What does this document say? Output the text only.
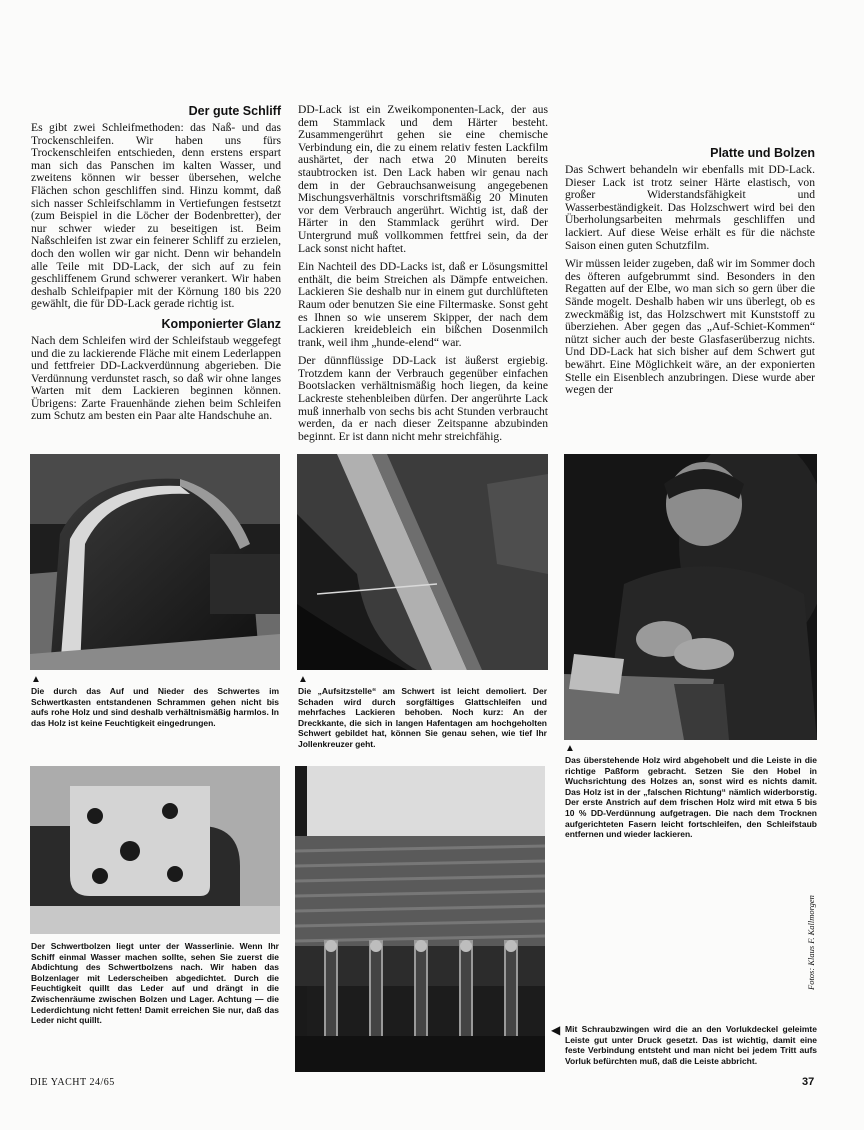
Der gute Schliff

Es gibt zwei Schleifmethoden: das Naß- und das Trockenschleifen. Wir haben uns fürs Trockenschleifen entschieden, denn erstens erspart man sich das Panschen im kalten Wasser, und zweitens können wir besser übersehen, welche Flächen schon geschliffen sind. Hinzu kommt, daß sich nasser Schleifschlamm in Vertiefungen festsetzt (zum Beispiel in die Löcher der Bodenbretter), der nur schwer wieder zu beseitigen ist. Beim Naßschleifen ist zwar ein feinerer Schliff zu erzielen, doch den wollen wir gar nicht. Denn wir behandeln alle Teile mit DD-Lack, der sich auf zu fein geschliffenem Grund schwerer verankert. Wir haben deshalb Schleifpapier mit der Körnung 180 bis 220 gewählt, die für DD-Lack gerade richtig ist.

Komponierter Glanz

Nach dem Schleifen wird der Schleifstaub weggefegt und die zu lackierende Fläche mit einem Lederlappen und fettfreier DD-Lackverdünnung abgerieben. Die Verdünnung verdunstet rasch, so daß wir ohne langes Warten mit dem Lackieren beginnen können. Übrigens: Zarte Frauenhände ziehen beim Schleifen zum Schutz am besten ein Paar alte Handschuhe an.

DD-Lack ist ein Zweikomponenten-Lack, der aus dem Stammlack und dem Härter besteht. Zusammengerührt gehen sie eine chemische Verbindung ein, die zu einem relativ festen Lackfilm aushärtet, der nach etwa 20 Minuten bereits staubtrocken ist. Den Lack haben wir genau nach dem in der Gebrauchsanweisung angegebenen Mischungsverhältnis vorschriftsmäßig 20 Minuten vor dem Verbrauch angerührt. Wichtig ist, daß der Härter in den Stammlack gerührt wird. Der Untergrund muß vollkommen fettfrei sein, da der Lack sonst nicht haftet.

Ein Nachteil des DD-Lacks ist, daß er Lösungsmittel enthält, die beim Streichen als Dämpfe entweichen. Lackieren Sie deshalb nur in einem gut durchlüfteten Raum oder benutzen Sie eine Filtermaske. Sonst geht es Ihnen so wie unserem Skipper, der nach dem Lackieren kreidebleich ein bißchen Dosenmilch trank, weil ihm „hunde-elend“ war.

Der dünnflüssige DD-Lack ist äußerst ergiebig. Trotzdem kann der Verbrauch gegenüber einfachen Bootslacken verhältnismäßig hoch liegen, da keine Lackreste stehenbleiben dürfen. Der angerührte Lack muß innerhalb von sechs bis acht Stunden verbraucht werden, da er nach dieser Zeitspanne abzubinden beginnt. Er ist dann nicht mehr streichfähig.

Platte und Bolzen

Das Schwert behandeln wir ebenfalls mit DD-Lack. Dieser Lack ist trotz seiner Härte elastisch, von großer Widerstandsfähigkeit und Wasserbeständigkeit. Das Holzschwert wird bei den Überholungsarbeiten mehrmals geschliffen und lackiert. Auf diese Weise erhält es für die nächste Saison einen guten Schutzfilm.

Wir müssen leider zugeben, daß wir im Sommer doch des öfteren aufgebrummt sind. Besonders in den Regatten auf der Elbe, wo man sich so gern über die Sände mogelt. Deshalb haben wir uns überlegt, ob es zweckmäßig ist, das Holzschwert mit Kunststoff zu überziehen. Aber gegen das „Auf-Schiet-Kommen“ nützt sicher auch der beste Glasfaserüberzug nichts. Und DD-Lack hat sich bisher auf dem Schwert gut bewährt. Eine Möglichkeit wäre, an der exponierten Stelle ein Eisenblech anzubringen. Diese wurde aber wegen der

▲
Die durch das Auf und Nieder des Schwertes im Schwertkasten entstandenen Schrammen gehen nicht bis aufs rohe Holz und sind deshalb verhältnismäßig harmlos. In das Holz ist keine Feuchtigkeit eingedrungen.
▲
Die „Aufsitzstelle“ am Schwert ist leicht demoliert. Der Schaden wird durch sorgfältiges Glattschleifen und mehrfaches Lackieren behoben. Noch kurz: An der Dreckkante, die sich in langen Hafentagen am hochgeholten Schwert gebildet hat, können Sie genau sehen, wie tief Ihr Jollenkreuzer geht.	▲
Das überstehende Holz wird abgehobelt und die Leiste in die richtige Paßform gebracht. Setzen Sie den Hobel in Wuchsrichtung des Holzes an, sonst wird es nichts damit. Das Holz ist in der „falschen Richtung“ nämlich widerborstig. Der erste Anstrich auf dem frischen Holz wird mit etwa 5 bis 10 % DD-Verdünnung aufgetragen. Die nach dem Trocknen aufgerichteten Fasern leicht fortschleifen, den Schleifstaub entfernen und wieder lackieren.
Der Schwertbolzen liegt unter der Wasserlinie. Wenn Ihr Schiff einmal Wasser machen sollte, sehen Sie zuerst die Abdichtung des Schwertbolzens nach. Wir haben das Bolzenlager mit Lederscheiben abgedichtet. Durch die Feuchtigkeit quillt das Leder auf und drängt in die Zwischenräume zwischen Bolzen und Lager. Achtung — die Lederdichtung nicht fetten! Damit erreichen Sie nur, daß das Leder nicht quillt.
◀ Mit Schraubzwingen wird die an den Vorlukdeckel geleimte Leiste gut unter Druck gesetzt. Das ist wichtig, damit eine feste Verbindung entsteht und man nicht bei jedem Tritt aufs Vorluk befürchten muß, daß die Leiste abbricht.
Fotos: Klaus F. Kallmorgen
DIE YACHT 24/65	37
